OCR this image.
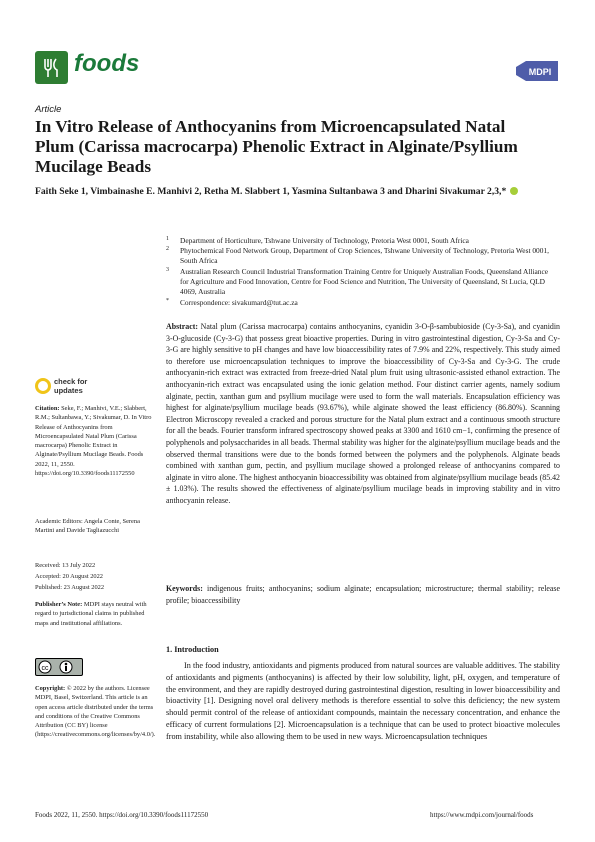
foods	MDPI
Article
In Vitro Release of Anthocyanins from Microencapsulated Natal Plum (Carissa macrocarpa) Phenolic Extract in Alginate/Psyllium Mucilage Beads
Faith Seke 1, Vimbainashe E. Manhivi 2, Retha M. Slabbert 1, Yasmina Sultanbawa 3 and Dharini Sivakumar 2,3,*
1	Department of Horticulture, Tshwane University of Technology, Pretoria West 0001, South Africa
2	Phytochemical Food Network Group, Department of Crop Sciences, Tshwane University of Technology, Pretoria West 0001, South Africa
3	Australian Research Council Industrial Transformation Training Centre for Uniquely Australian Foods, Queensland Alliance for Agriculture and Food Innovation, Centre for Food Science and Nutrition, The University of Queensland, St Lucia, QLD 4069, Australia
*	Correspondence: sivakumard@tut.ac.za
Abstract: Natal plum (Carissa macrocarpa) contains anthocyanins, cyanidin 3-O-β-sambubioside (Cy-3-Sa), and cyanidin 3-O-glucoside (Cy-3-G) that possess great bioactive properties. During in vitro gastrointestinal digestion, Cy-3-Sa and Cy-3-G are highly sensitive to pH changes and have low bioaccessibility rates of 7.9% and 22%, respectively. This study aimed to therefore use microencapsulation techniques to improve the bioaccessibility of Cy-3-Sa and Cy-3-G. The crude anthocyanin-rich extract was extracted from freeze-dried Natal plum fruit using ultrasonic-assisted ethanol extraction. The anthocyanin-rich extract was encapsulated using the ionic gelation method. Four distinct carrier agents, namely sodium alginate, pectin, xanthan gum and psyllium mucilage were used to form the wall materials. Encapsulation efficiency was highest for alginate/psyllium mucilage beads (93.67%), while alginate showed the least efficiency (86.80%). Scanning Electron Microscopy revealed a cracked and porous structure for the Natal plum extract and a continuous smooth structure for all the beads. Fourier transform infrared spectroscopy showed peaks at 3300 and 1610 cm−1, confirming the presence of polyphenols and polysaccharides in all beads. Thermal stability was higher for the alginate/psyllium mucilage beads and the observed thermal transitions were due to the bonds formed between the polymers and the polyphenols. Alginate beads combined with xanthan gum, pectin, and psyllium mucilage showed a prolonged release of anthocyanins compared to alginate in vitro alone. The highest anthocyanin bioaccessibility was obtained from alginate/psyllium mucilage beads (85.42 ± 1.03%). The results showed the effectiveness of alginate/psyllium mucilage beads in improving stability and in vitro anthocyanin release.
Keywords: indigenous fruits; anthocyanins; sodium alginate; encapsulation; microstructure; thermal stability; release profile; bioaccessibility
1. Introduction
In the food industry, antioxidants and pigments produced from natural sources are valuable additives. The stability of antioxidants and pigments (anthocyanins) is affected by their low solubility, light, pH, oxygen, and temperature of the environment, and they are rapidly destroyed during gastrointestinal digestion, resulting in lower bioaccessibility and bioactivity [1]. Designing novel oral delivery methods is therefore essential to solve this deficiency; the new system should permit control of the release of antioxidant compounds, maintain the necessary concentration, and enhance the efficacy of current formulations [2]. Microencapsulation is a technique that can be used to protect bioactive molecules from instability, while also allowing them to be used in new ways. Microencapsulation techniques
check for updates
Citation: Seke, F.; Manhivi, V.E.; Slabbert, R.M.; Sultanbawa, Y.; Sivakumar, D. In Vitro Release of Anthocyanins from Microencapsulated Natal Plum (Carissa macrocarpa) Phenolic Extract in Alginate/Psyllium Mucilage Beads. Foods 2022, 11, 2550. https://doi.org/10.3390/foods11172550
Academic Editors: Angela Conte, Serena Martini and Davide Tagliazucchi
Received: 13 July 2022
Accepted: 20 August 2022
Published: 23 August 2022
Publisher’s Note: MDPI stays neutral with regard to jurisdictional claims in published maps and institutional affiliations.
cc
Copyright: © 2022 by the authors. Licensee MDPI, Basel, Switzerland. This article is an open access article distributed under the terms and conditions of the Creative Commons Attribution (CC BY) license (https://creativecommons.org/licenses/by/4.0/).
Foods 2022, 11, 2550. https://doi.org/10.3390/foods11172550	https://www.mdpi.com/journal/foods
